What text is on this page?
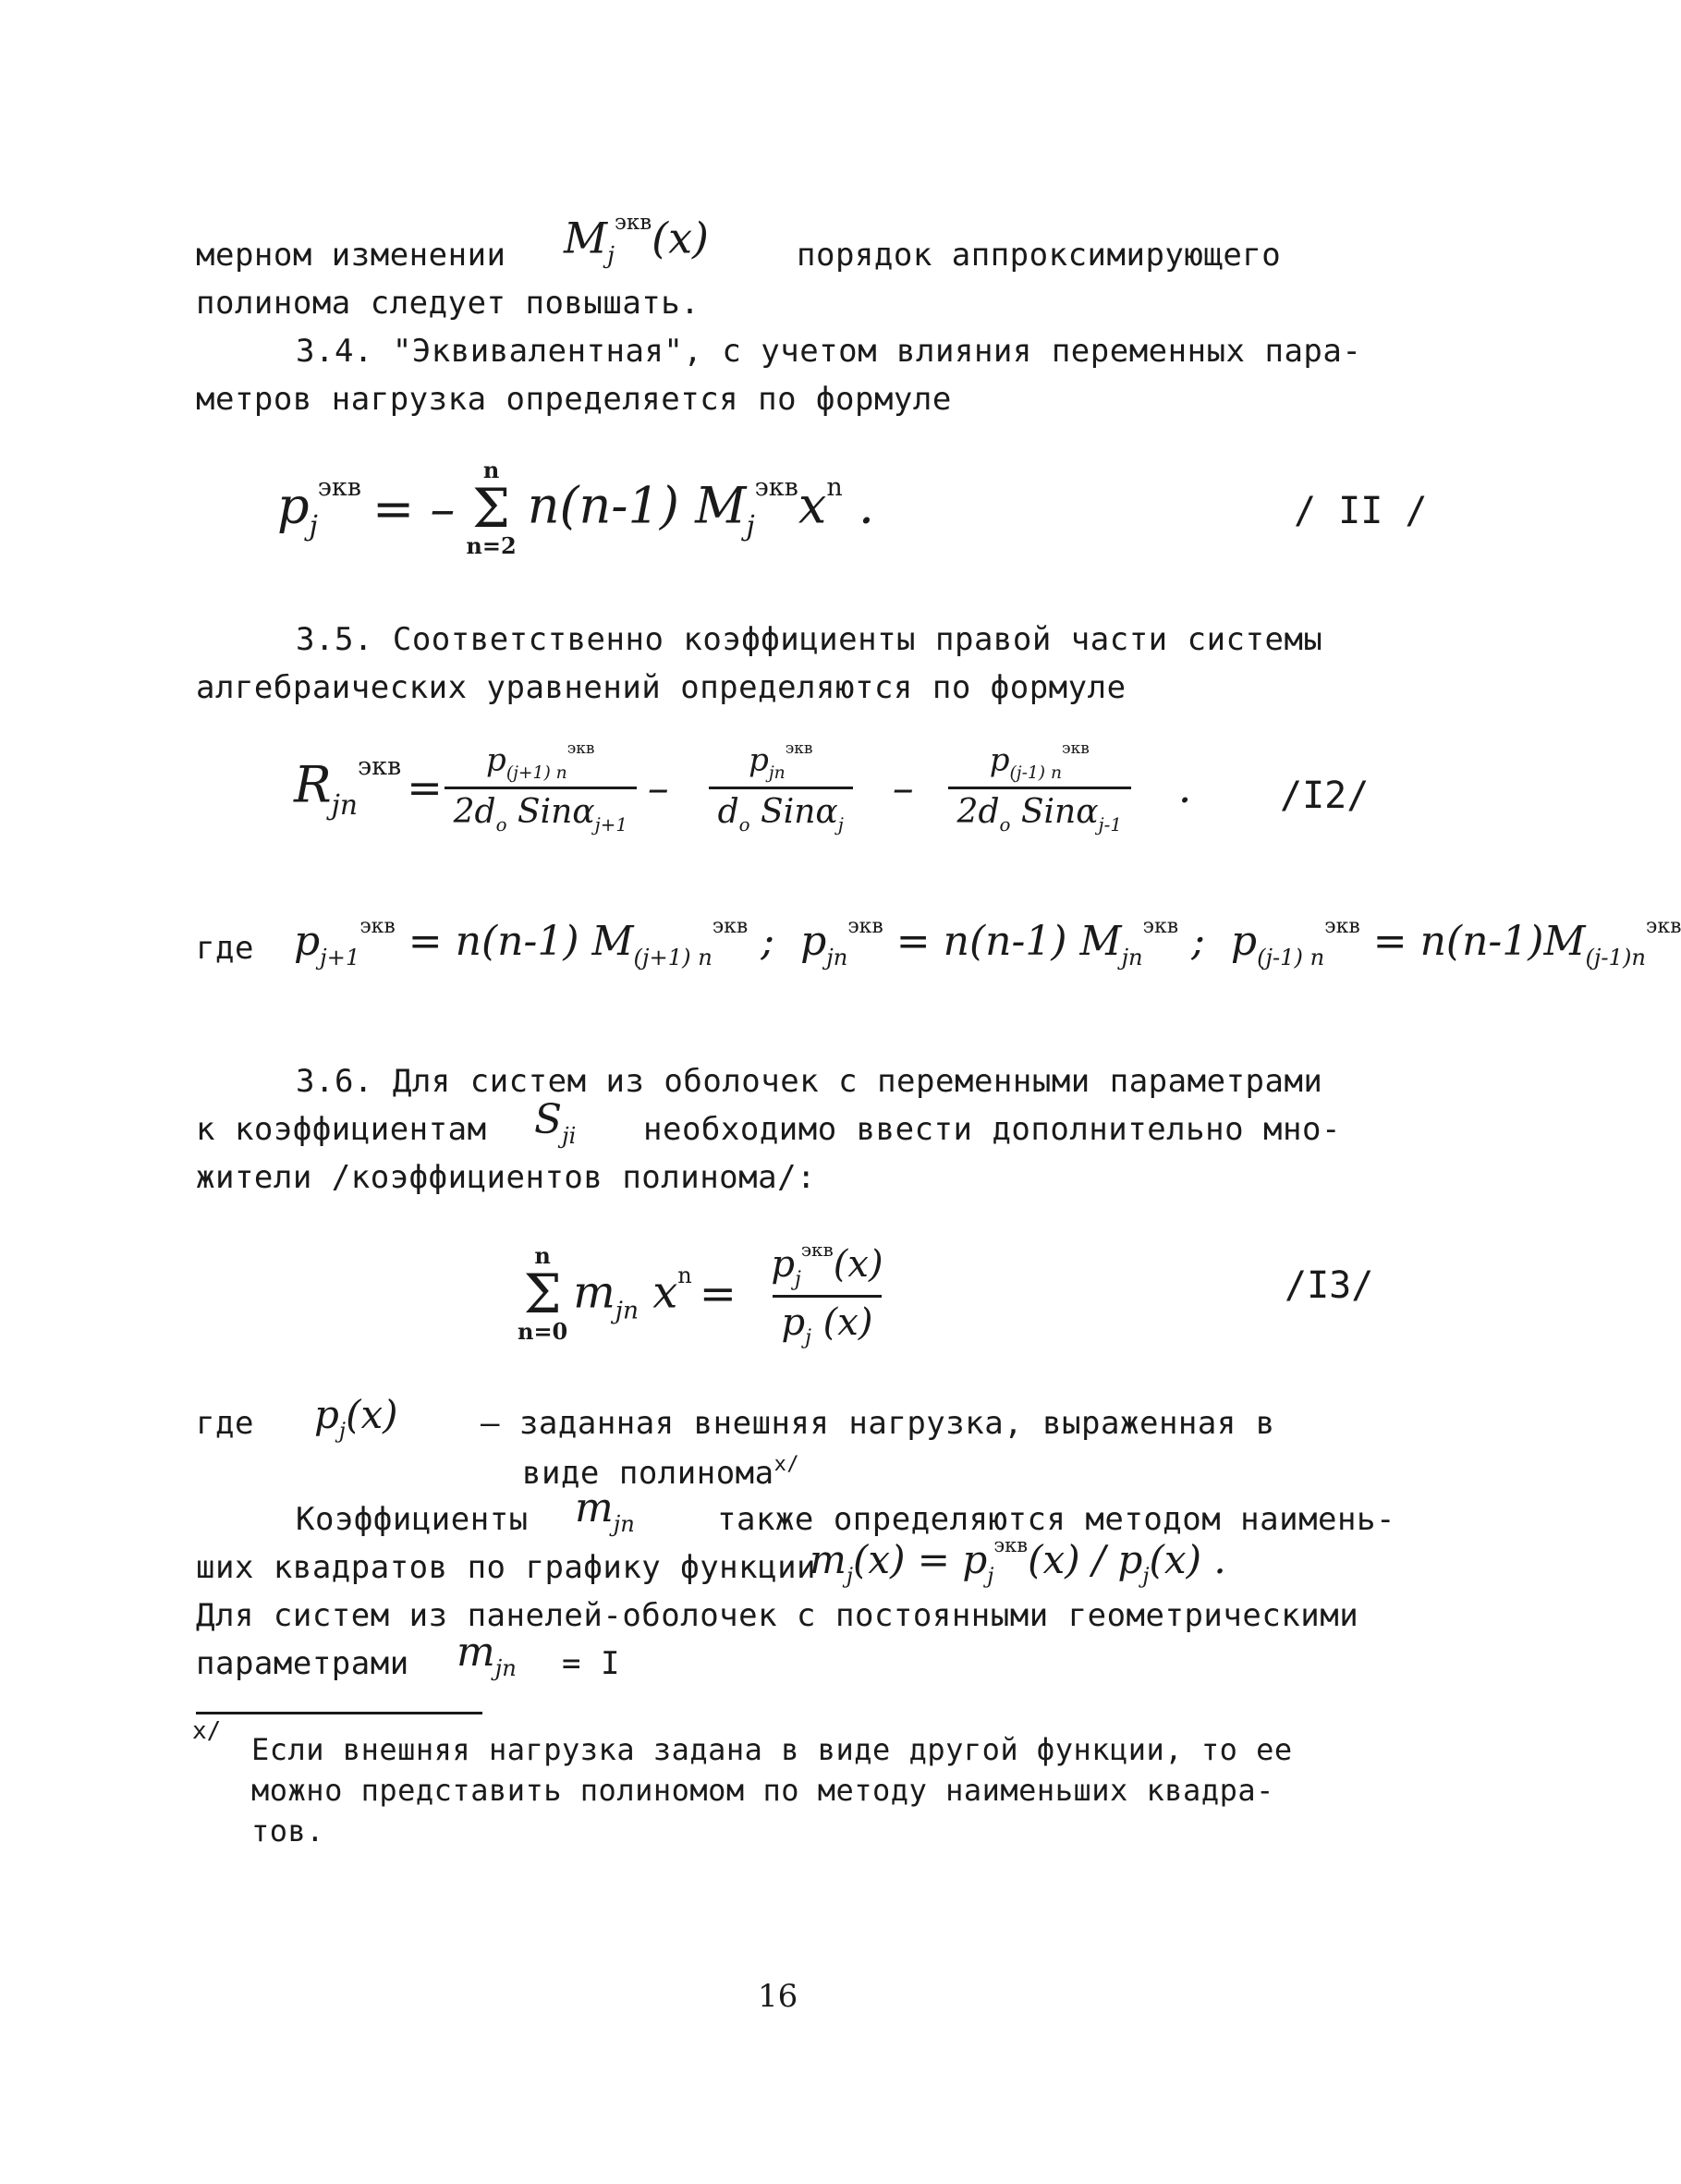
мерном изменении $M_j^{экв}(x)$	порядок аппроксимирующего
полинома следует повышать.
3.4. "Эквивалентная", с учетом влияния переменных пара-
метров нагрузка определяется по формуле
$p_j^{экв}$ = –
n
Σ
n=2
n(n-1) $M_j^{экв}x^n$ .	/ II /
3.5. Соответственно коэффициенты правой части системы
алгебраических уравнений определяются по формуле
$R_{jn}^{экв} = \frac{p_{(j+1) n}^{экв}}{2d_o Sin\alpha_{j+1}} - \frac{p_{jn}^{экв}}{d_o Sin\alpha_j} - \frac{p_{(j-1) n}^{экв}}{2d_o Sin\alpha_{j-1}}$ . /I2/
где $p_{j+1}^{экв} = n(n-1)$ $M_{(j+1) n}^{экв}$ ;  $p_{jn}^{экв} = n(n-1)$ $M_{jn}^{экв}$ ;  $p_{(j-1) n}^{экв} = n(n-1)M_{(j-1)n}^{экв}$
3.6. Для систем из оболочек с переменными параметрами
к коэффициентам $S_{ji}$ необходимо ввести дополнительно мно-
жители /коэффициентов полинома/:
n
Σ
n=0
$m_{jn}$ $x^n = \frac{p_j^{экв}(x)}{p_j (x)}$	/I3/
где $p_j(x)$	– заданная внешняя нагрузка, выраженная в
виде полинома$^{x/}$
Коэффициенты $m_{jn}$	также определяются методом наимень-
ших квадратов по графику функции
$m_j(x) = p_j^{экв}(x) / p_j(x)$ .
Для систем из панелей-оболочек с постоянными геометрическими
параметрами $m_{jn} = I$
x/
Если внешняя нагрузка задана в виде другой функции, то ее
можно представить полиномом по методу наименьших квадра-
тов.
16
